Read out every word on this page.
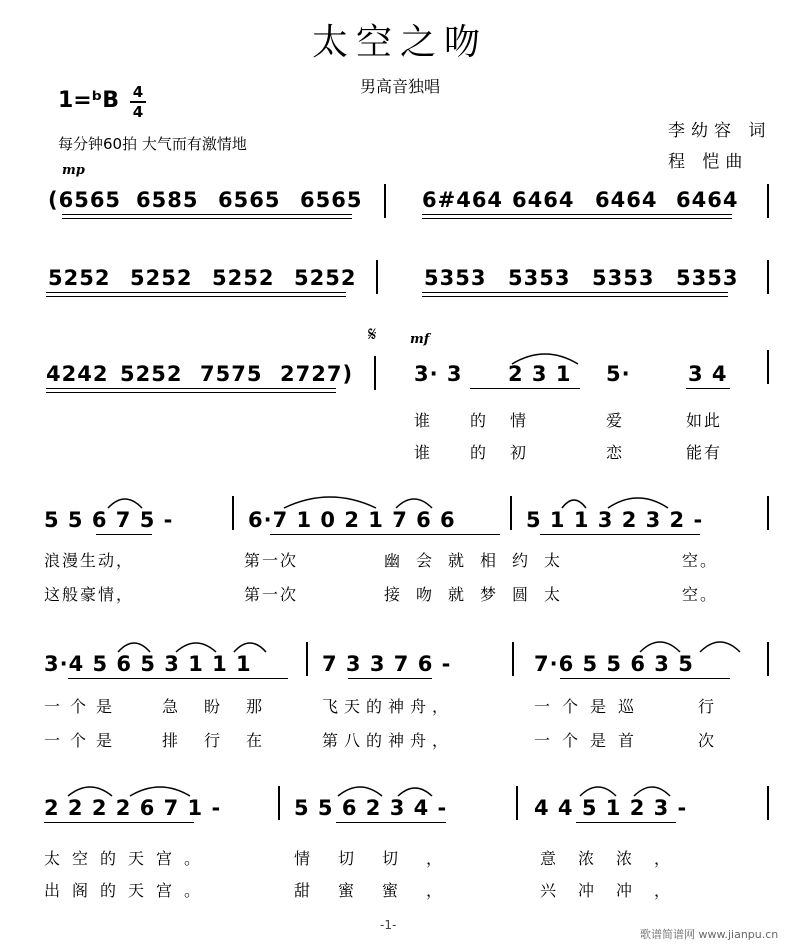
太空之吻
男高音独唱
李幼容 词
程 恺曲
1=ᵇB 4
4
每分钟60拍 大气而有激情地
mp
(6565 6585 6565 6565	6#464 6464 6464 6464
5252 5252 5252 5252	5353 5353 5353 5353
𝄋	mf
4242 5252 7575 2727)	3· 3 2 3 1 5·	3 4
谁 的 情	爱	如此
谁 的 初	恋	能有
5 5 6 7 5 -	6·7 1 0 2 1 7 6 6	5 1 1 3 2 3 2 -
浪漫生动，	第一次	幽会就相约太	空。
这般豪情，	第一次	接吻就梦圆太	空。
3·4 5 6 5 3 1 1 1	7 3 3 7 6 -	7·6 5 5 6 3 5
一个是 急盼那 飞天的神舟，	一个是巡	行
一个是 排行在 第八的神舟，	一个是首	次
2 2 2 2 6 7 1 -	5 5 6 2 3 4 -	4 4 5 1 2 3 -
太空的天宫。	情切切，	意浓浓，
出阁的天宫。	甜蜜蜜，	兴冲冲，
-1-
歌谱简谱网 www.jianpu.cn
